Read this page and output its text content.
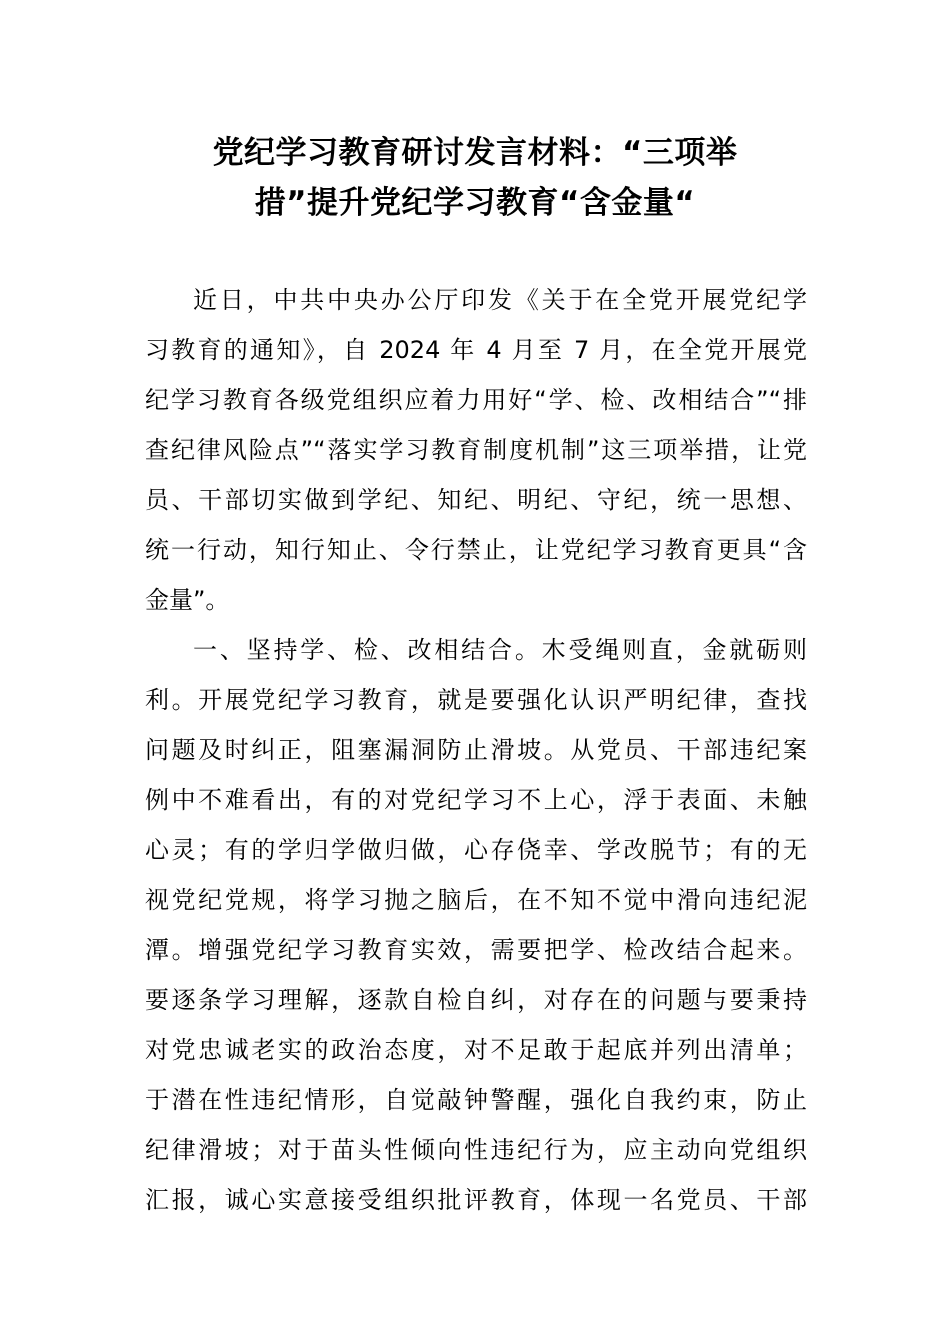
党纪学习教育研讨发言材料：“三项举
措”提升党纪学习教育“含金量“
近日，中共中央办公厅印发《关于在全党开展党纪学
习教育的通知》，自 2024 年 4 月至 7 月，在全党开展党
纪学习教育各级党组织应着力用好“学、检、改相结合”“排
查纪律风险点”“落实学习教育制度机制”这三项举措，让党
员、干部切实做到学纪、知纪、明纪、守纪，统一思想、
统一行动，知行知止、令行禁止，让党纪学习教育更具“含
金量”。
一、坚持学、检、改相结合。木受绳则直，金就砺则
利。开展党纪学习教育，就是要强化认识严明纪律，查找
问题及时纠正，阻塞漏洞防止滑坡。从党员、干部违纪案
例中不难看出，有的对党纪学习不上心，浮于表面、未触
心灵；有的学归学做归做，心存侥幸、学改脱节；有的无
视党纪党规，将学习抛之脑后，在不知不觉中滑向违纪泥
潭。增强党纪学习教育实效，需要把学、检改结合起来。
要逐条学习理解，逐款自检自纠，对存在的问题与要秉持
对党忠诚老实的政治态度，对不足敢于起底并列出清单；
于潜在性违纪情形，自觉敲钟警醒，强化自我约束，防止
纪律滑坡；对于苗头性倾向性违纪行为，应主动向党组织
汇报，诚心实意接受组织批评教育，体现一名党员、干部
